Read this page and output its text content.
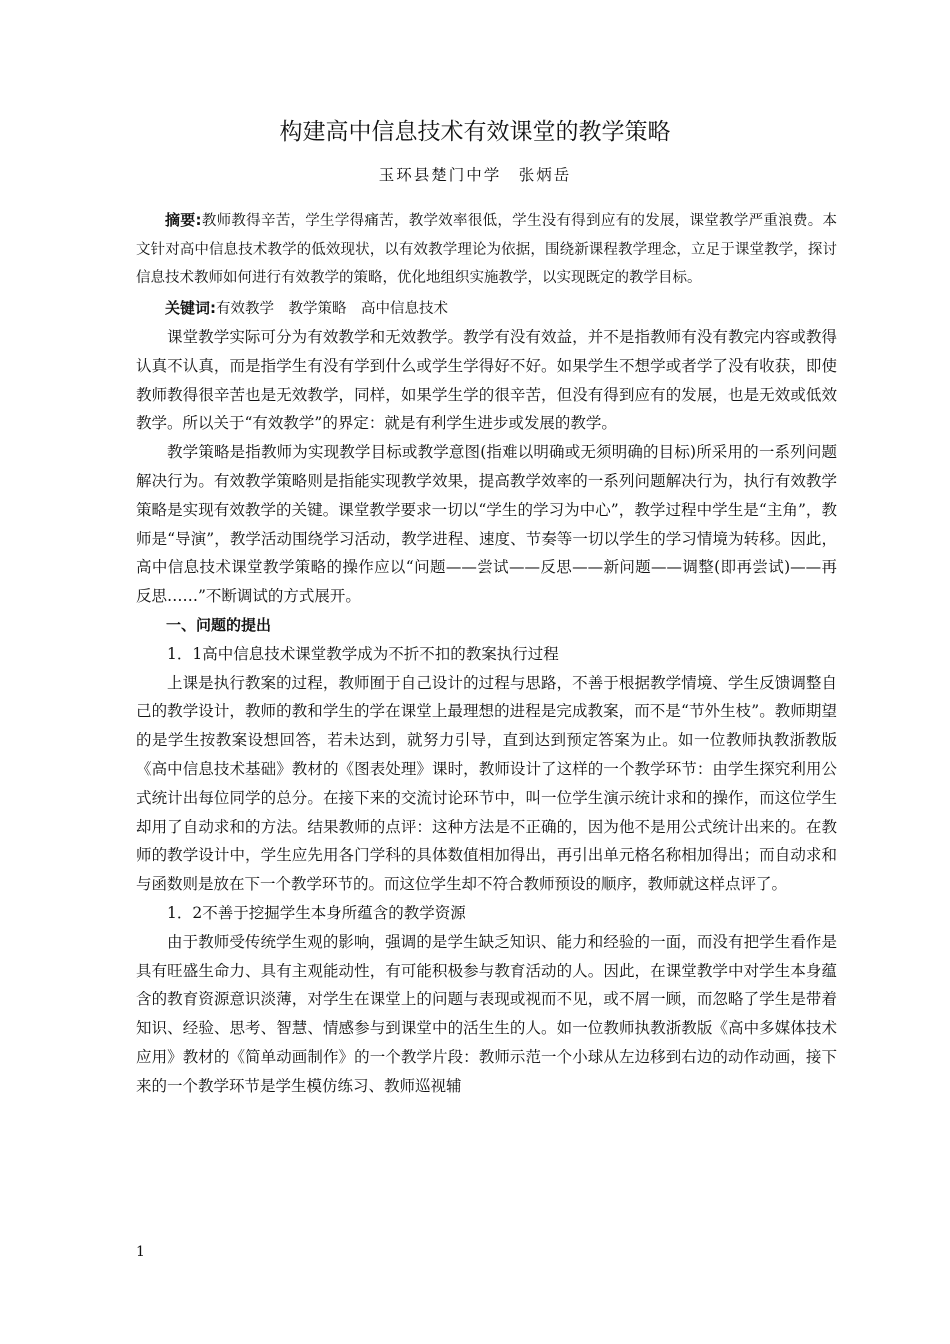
构建高中信息技术有效课堂的教学策略
玉环县楚门中学　张炳岳

摘要:教师教得辛苦，学生学得痛苦，教学效率很低，学生没有得到应有的发展，课堂教学严重浪费。本文针对高中信息技术教学的低效现状，以有效教学理论为依据，围绕新课程教学理念，立足于课堂教学，探讨信息技术教师如何进行有效教学的策略，优化地组织实施教学，以实现既定的教学目标。

关键词:有效教学　教学策略　高中信息技术

课堂教学实际可分为有效教学和无效教学。教学有没有效益，并不是指教师有没有教完内容或教得认真不认真，而是指学生有没有学到什么或学生学得好不好。如果学生不想学或者学了没有收获，即使教师教得很辛苦也是无效教学，同样，如果学生学的很辛苦，但没有得到应有的发展，也是无效或低效教学。所以关于“有效教学”的界定：就是有利学生进步或发展的教学。

教学策略是指教师为实现教学目标或教学意图(指难以明确或无须明确的目标)所采用的一系列问题解决行为。有效教学策略则是指能实现教学效果，提高教学效率的一系列问题解决行为，执行有效教学策略是实现有效教学的关键。课堂教学要求一切以“学生的学习为中心”，教学过程中学生是“主角”，教师是“导演”，教学活动围绕学习活动，教学进程、速度、节奏等一切以学生的学习情境为转移。因此，高中信息技术课堂教学策略的操作应以“问题——尝试——反思——新问题——调整(即再尝试)——再反思……”不断调试的方式展开。

一、问题的提出

1．1高中信息技术课堂教学成为不折不扣的教案执行过程

上课是执行教案的过程，教师囿于自己设计的过程与思路，不善于根据教学情境、学生反馈调整自己的教学设计，教师的教和学生的学在课堂上最理想的进程是完成教案，而不是“节外生枝”。教师期望的是学生按教案设想回答，若未达到，就努力引导，直到达到预定答案为止。如一位教师执教浙教版《高中信息技术基础》教材的《图表处理》课时，教师设计了这样的一个教学环节：由学生探究利用公式统计出每位同学的总分。在接下来的交流讨论环节中，叫一位学生演示统计求和的操作，而这位学生却用了自动求和的方法。结果教师的点评：这种方法是不正确的，因为他不是用公式统计出来的。在教师的教学设计中，学生应先用各门学科的具体数值相加得出，再引出单元格名称相加得出；而自动求和与函数则是放在下一个教学环节的。而这位学生却不符合教师预设的顺序，教师就这样点评了。

1．2不善于挖掘学生本身所蕴含的教学资源

由于教师受传统学生观的影响，强调的是学生缺乏知识、能力和经验的一面，而没有把学生看作是具有旺盛生命力、具有主观能动性，有可能积极参与教育活动的人。因此，在课堂教学中对学生本身蕴含的教育资源意识淡薄，对学生在课堂上的问题与表现或视而不见，或不屑一顾，而忽略了学生是带着知识、经验、思考、智慧、情感参与到课堂中的活生生的人。如一位教师执教浙教版《高中多媒体技术应用》教材的《简单动画制作》的一个教学片段：教师示范一个小球从左边移到右边的动作动画，接下来的一个教学环节是学生模仿练习、教师巡视辅

1
